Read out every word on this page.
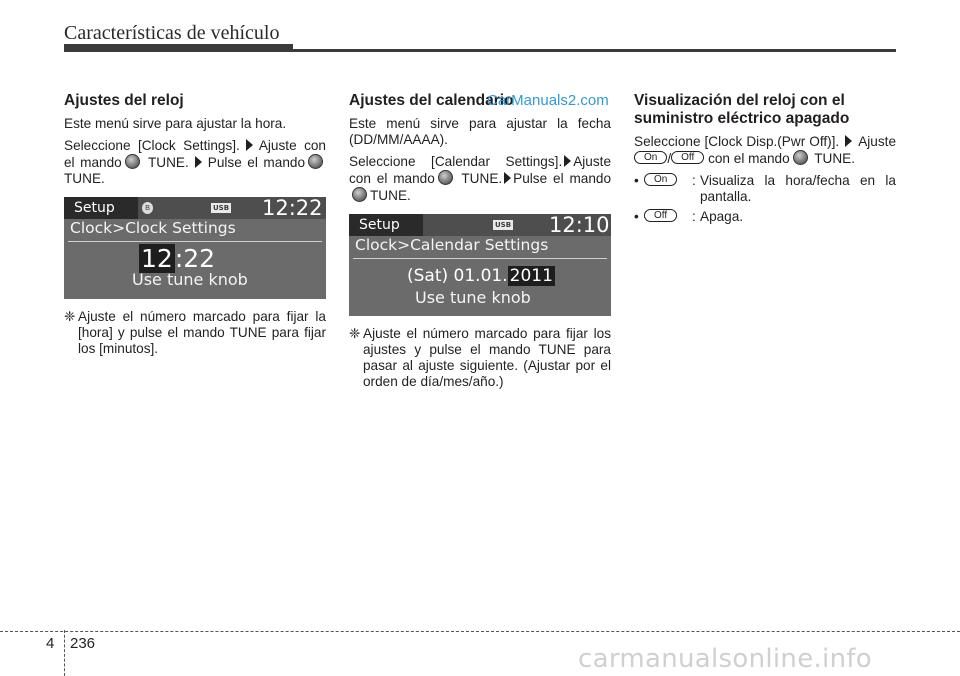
Características de vehículo
Ajustes del reloj

Este menú sirve para ajustar la hora.

Seleccione [Clock Settings]. Ajuste con el mando TUNE. Pulse el mandoTUNE.

Setup	ʙ	USB 12:22
Clock>Clock Settings
12:22
Use tune knob
❈ Ajuste el número marcado para fijar la [hora] y pulse el mando TUNE para fijar los [minutos].
Ajustes del calendario

Este menú sirve para ajustar la fecha (DD/MM/AAAA).

Seleccione [Calendar Settings]. Ajuste con el mando TUNE. Pulse el mandoTUNE.

Setup	USB 12:10
Clock>Calendar Settings
(Sat) 01.01. 2011
Use tune knob
❈ Ajuste el número marcado para fijar los ajustes y pulse el mando TUNE para pasar al ajuste siguiente. (Ajustar por el orden de día/mes/año.)
Visualización del reloj con el suministro eléctrico apagado

Seleccione [Clock Disp.(Pwr Off)]. Ajuste On / Off con el mando TUNE.

•	On	: Visualiza la hora/fecha en la pantalla.
•	Off	: Apaga.
CarManuals2.com
4 236
carmanualsonline.info
